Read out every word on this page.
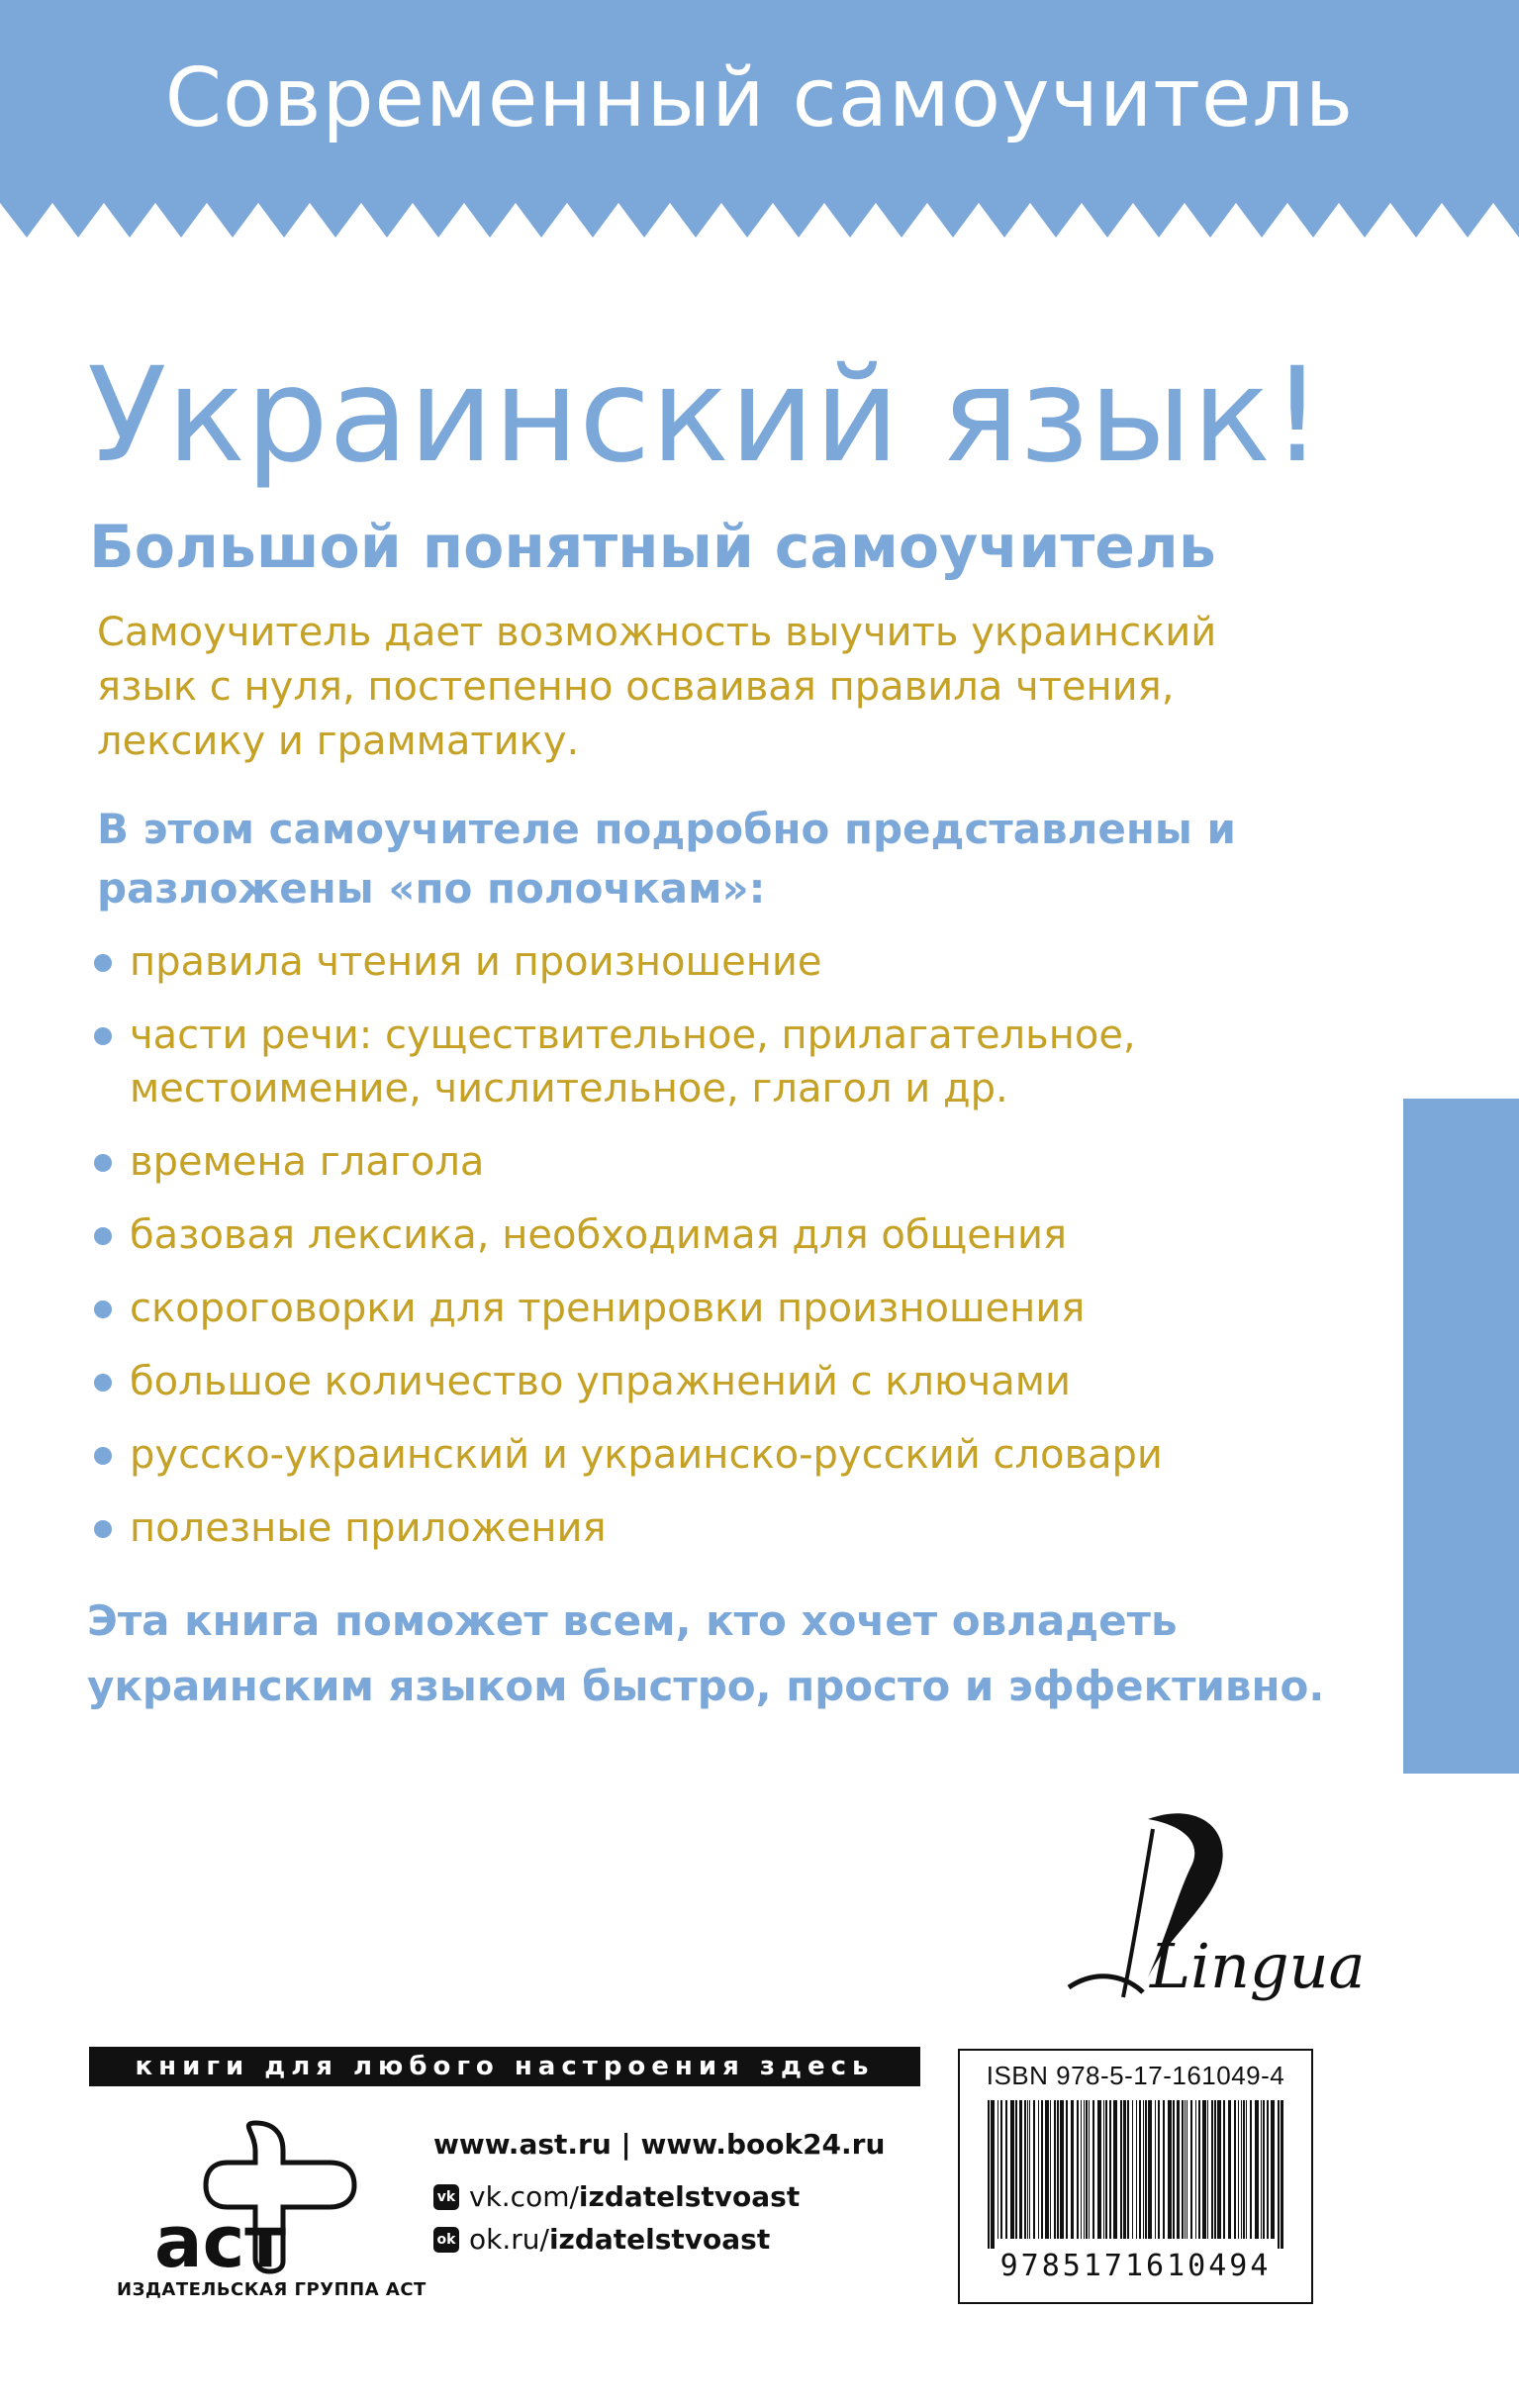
Современный самоучитель
Украинский язык!
Большой понятный самоучитель
Самоучитель дает возможность выучить украинский язык с нуля, постепенно осваивая правила чтения, лексику и грамматику.
В этом самоучителе подробно представлены и разложены «по полочкам»:
правила чтения и произношение
части речи: существительное, прилагательное, местоимение, числительное, глагол и др.
времена глагола
базовая лексика, необходимая для общения
скороговорки для тренировки произношения
большое количество упражнений с ключами
русско-украинский и украинско-русский словари
полезные приложения
Эта книга поможет всем, кто хочет овладеть украинским языком быстро, просто и эффективно.
Lingua
книги для любого настроения здесь
аст
ИЗДАТЕЛЬСКАЯ ГРУППА АСТ
www.ast.ru | www.book24.ru
vk vk.com/ izdatelstvoast
ok ok.ru/ izdatelstvoast
ISBN 978-5-17-161049-4
9785171610494
